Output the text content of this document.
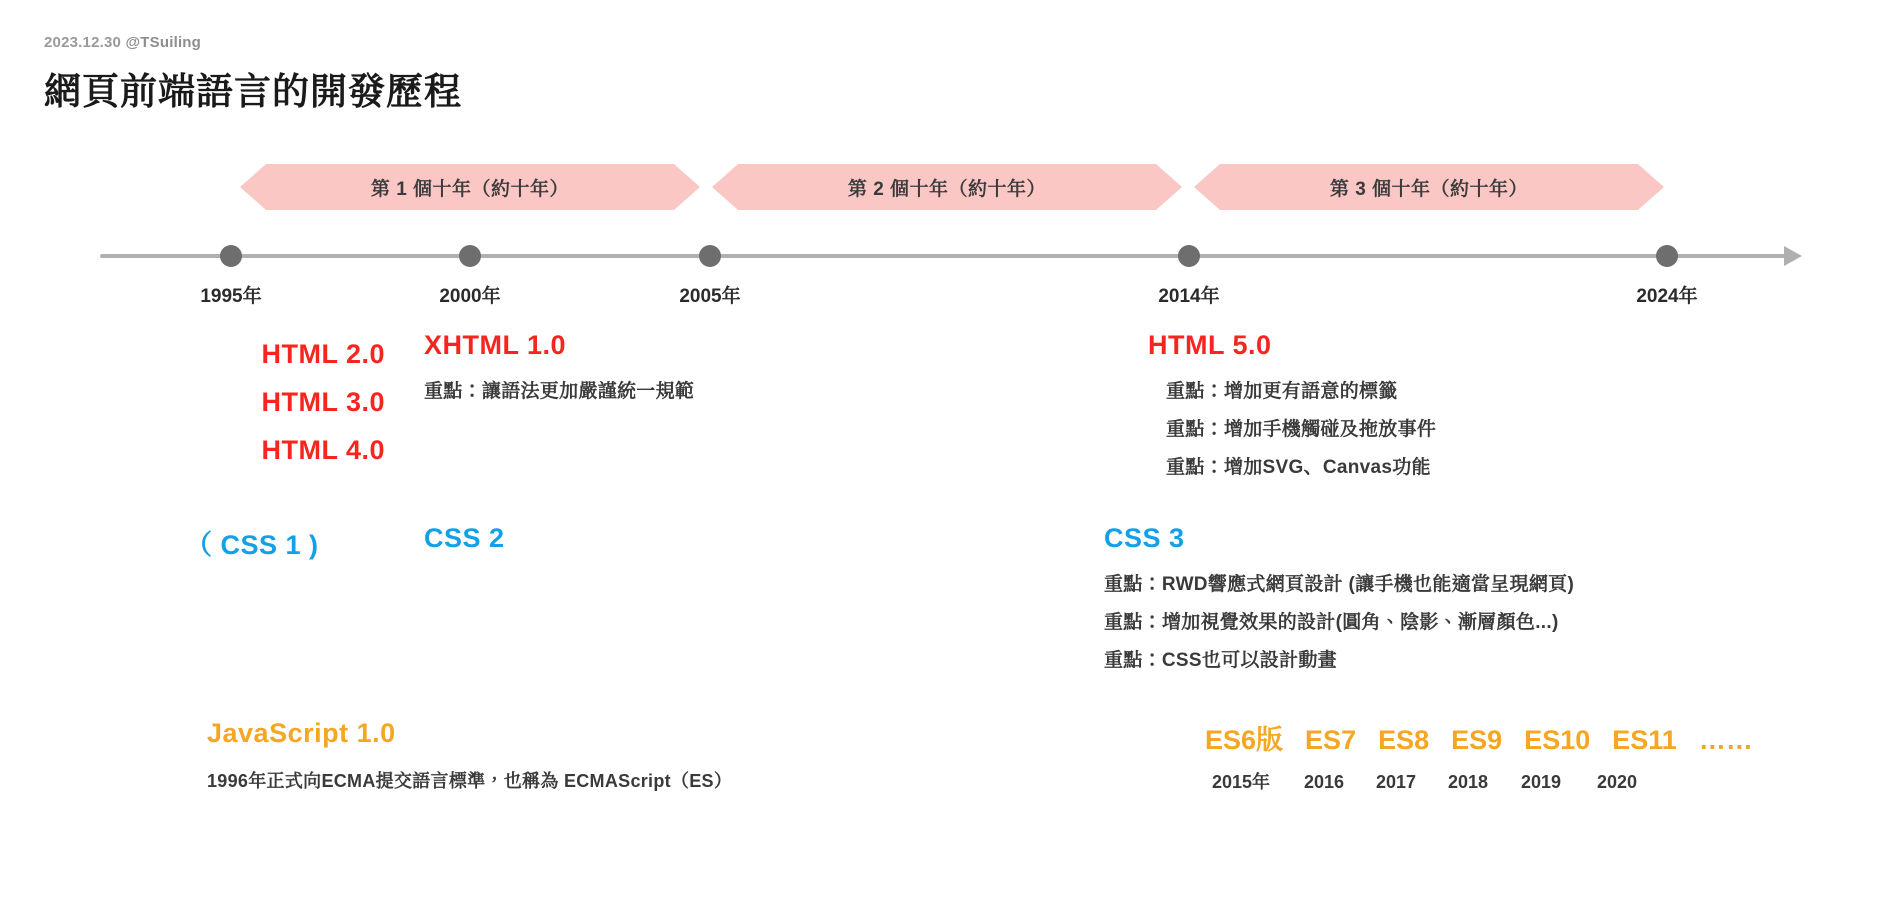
2023.12.30 @TSuiling
網頁前端語言的開發歷程
第 1 個十年（約十年）	第 2 個十年（約十年）	第 3 個十年（約十年）
1995年	2000年	2005年	2014年	2024年
HTML 2.0
HTML 3.0
HTML 4.0
XHTML 1.0
重點：讓語法更加嚴謹統一規範
HTML 5.0
重點：增加更有語意的標籤
重點：增加手機觸碰及拖放事件
重點：增加SVG、Canvas功能
（ CSS 1 )	CSS 2	CSS 3
重點：RWD響應式網頁設計 (讓手機也能適當呈現網頁)
重點：增加視覺效果的設計(圓角、陰影、漸層顏色...)
重點：CSS也可以設計動畫
JavaScript 1.0
1996年正式向ECMA提交語言標準，也稱為 ECMAScript（ES）
ES6版 ES7 ES8 ES9 ES10 ES11 ……
2015年	2016 2017 2018	2019	2020
